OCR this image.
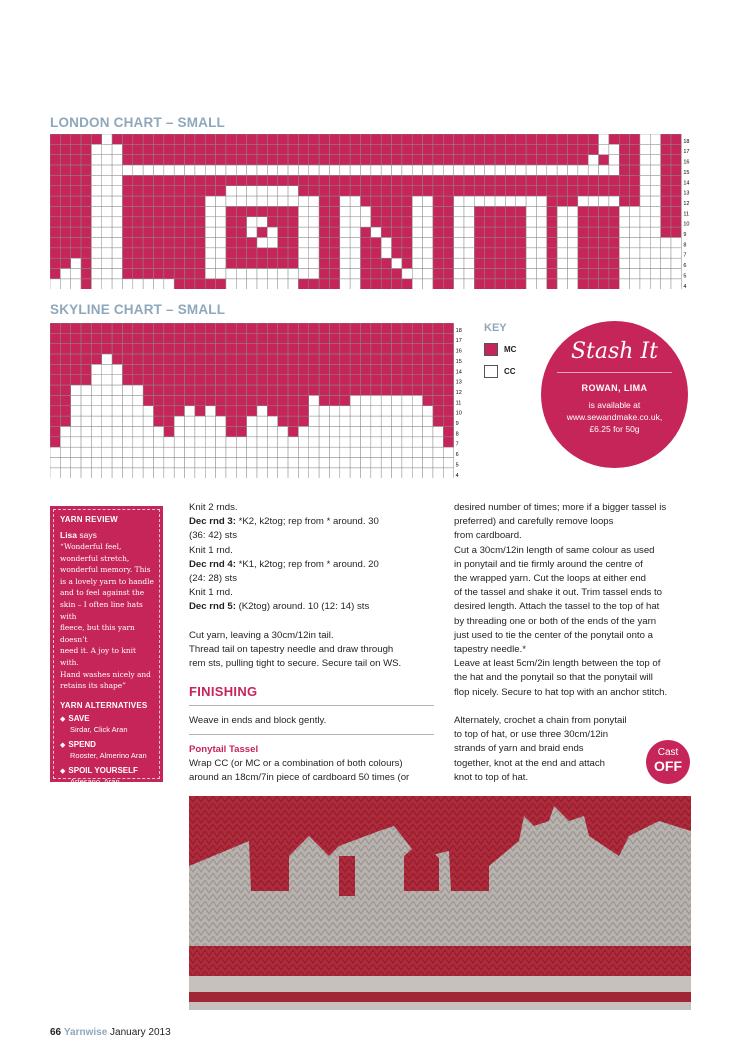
LONDON CHART – SMALL
18
17
16
15
14
13
12
11
10
9
8
7
6
5
4
SKYLINE CHART – SMALL
18
17
16
15
14
13
12
11
10
9
8
7
6
5
4
KEY
MC
CC
Stash It
ROWAN, LIMA
is available at
www.sewandmake.co.uk,
£6.25 for 50g
YARN REVIEW
Lisa says
“Wonderful feel,
wonderful stretch,
wonderful memory. This
is a lovely yarn to handle
and to feel against the
skin – I often line hats with
fleece, but this yarn doesn’t
need it. A joy to knit with.
Hand washes nicely and
retains its shape”
YARN ALTERNATIVES
◆ SAVE
Sirdar, Click Aran
◆ SPEND
Rooster, Almerino Aran
◆ SPOIL YOURSELF
Artesano, Aran

Knit 2 rnds.

Dec rnd 3: *K2, k2tog; rep from * around. 30

(36: 42) sts

Knit 1 rnd.

Dec rnd 4: *K1, k2tog; rep from * around. 20

(24: 28) sts

Knit 1 rnd.

Dec rnd 5: (K2tog) around. 10 (12: 14) sts

Cut yarn, leaving a 30cm/12in tail.

Thread tail on tapestry needle and draw through

rem sts, pulling tight to secure. Secure tail on WS.

FINISHING

Weave in ends and block gently.

Ponytail Tassel

Wrap CC (or MC or a combination of both colours)

around an 18cm/7in piece of cardboard 50 times (or

desired number of times; more if a bigger tassel is

preferred) and carefully remove loops

from cardboard.

Cut a 30cm/12in length of same colour as used

in ponytail and tie firmly around the centre of

the wrapped yarn. Cut the loops at either end

of the tassel and shake it out. Trim tassel ends to

desired length. Attach the tassel to the top of hat

by threading one or both of the ends of the yarn

just used to tie the center of the ponytail onto a

tapestry needle.*

Leave at least 5cm/2in length between the top of

the hat and the ponytail so that the ponytail will

flop nicely. Secure to hat top with an anchor stitch.

Alternately, crochet a chain from ponytail

to top of hat, or use three 30cm/12in

strands of yarn and braid ends

together, knot at the end and attach

knot to top of hat.

Cast
OFF
66 Yarnwise January 2013
